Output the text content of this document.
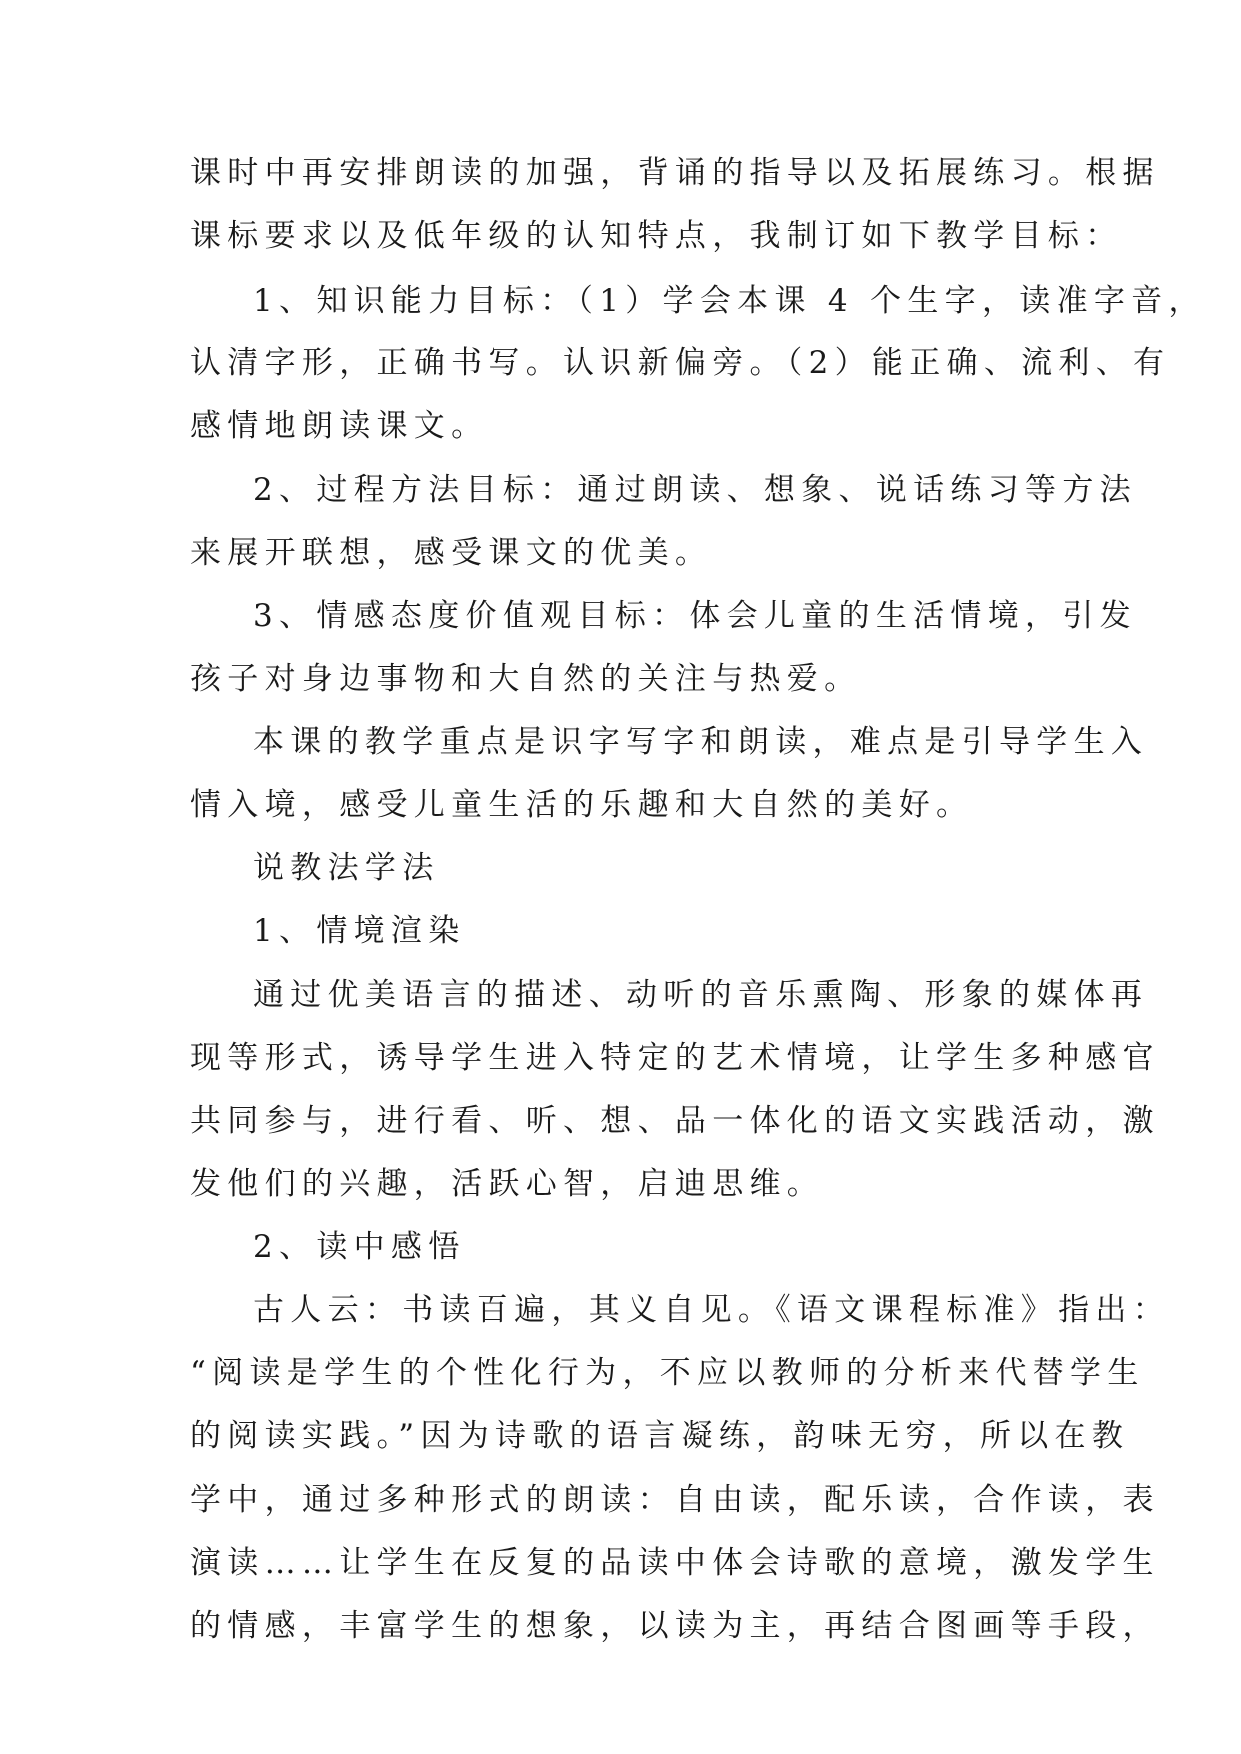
课时中再安排朗读的加强，背诵的指导以及拓展练习。根据
课标要求以及低年级的认知特点，我制订如下教学目标：
1、知识能力目标：（1）学会本课 4 个生字，读准字音，
认清字形，正确书写。认识新偏旁。（2）能正确、流利、有
感情地朗读课文。
2、过程方法目标：通过朗读、想象、说话练习等方法
来展开联想，感受课文的优美。
3、情感态度价值观目标：体会儿童的生活情境，引发
孩子对身边事物和大自然的关注与热爱。
本课的教学重点是识字写字和朗读，难点是引导学生入
情入境，感受儿童生活的乐趣和大自然的美好。
说教法学法
1、情境渲染
通过优美语言的描述、动听的音乐熏陶、形象的媒体再
现等形式，诱导学生进入特定的艺术情境，让学生多种感官
共同参与，进行看、听、想、品一体化的语文实践活动，激
发他们的兴趣，活跃心智，启迪思维。
2、读中感悟
古人云：书读百遍，其义自见。《语文课程标准》指出：
“阅读是学生的个性化行为，不应以教师的分析来代替学生
的阅读实践。”因为诗歌的语言凝练，韵味无穷，所以在教
学中，通过多种形式的朗读：自由读，配乐读，合作读，表
演读……让学生在反复的品读中体会诗歌的意境，激发学生
的情感，丰富学生的想象，以读为主，再结合图画等手段，
